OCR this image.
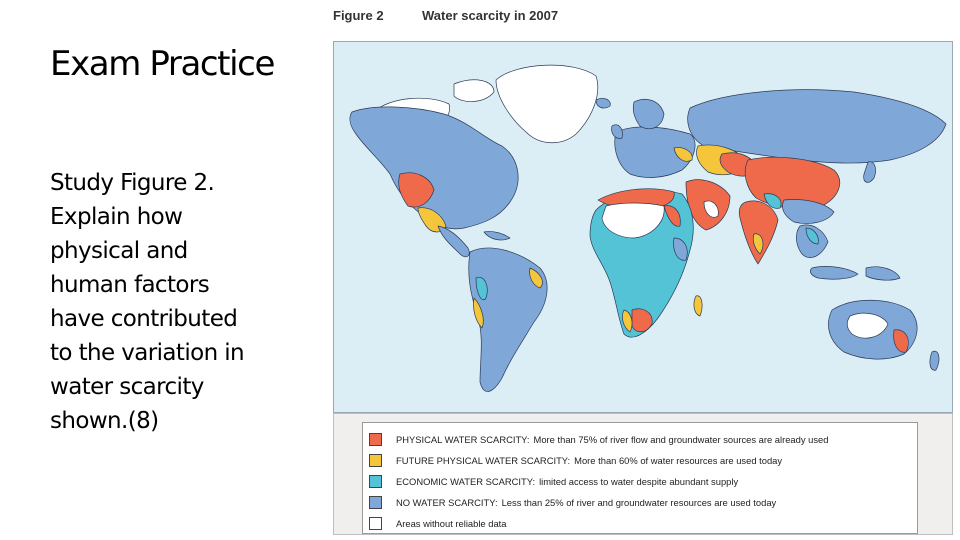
Exam Practice
Study Figure 2.
Explain how
physical and
human factors
have contributed
to the variation in
water scarcity
shown.(8)
Figure 2	Water scarcity in 2007
PHYSICAL WATER SCARCITY: More than 75% of river flow and groundwater sources are already used
FUTURE PHYSICAL WATER SCARCITY: More than 60% of water resources are used today
ECONOMIC WATER SCARCITY: limited access to water despite abundant supply
NO WATER SCARCITY: Less than 25% of river and groundwater resources are used today
Areas without reliable data
